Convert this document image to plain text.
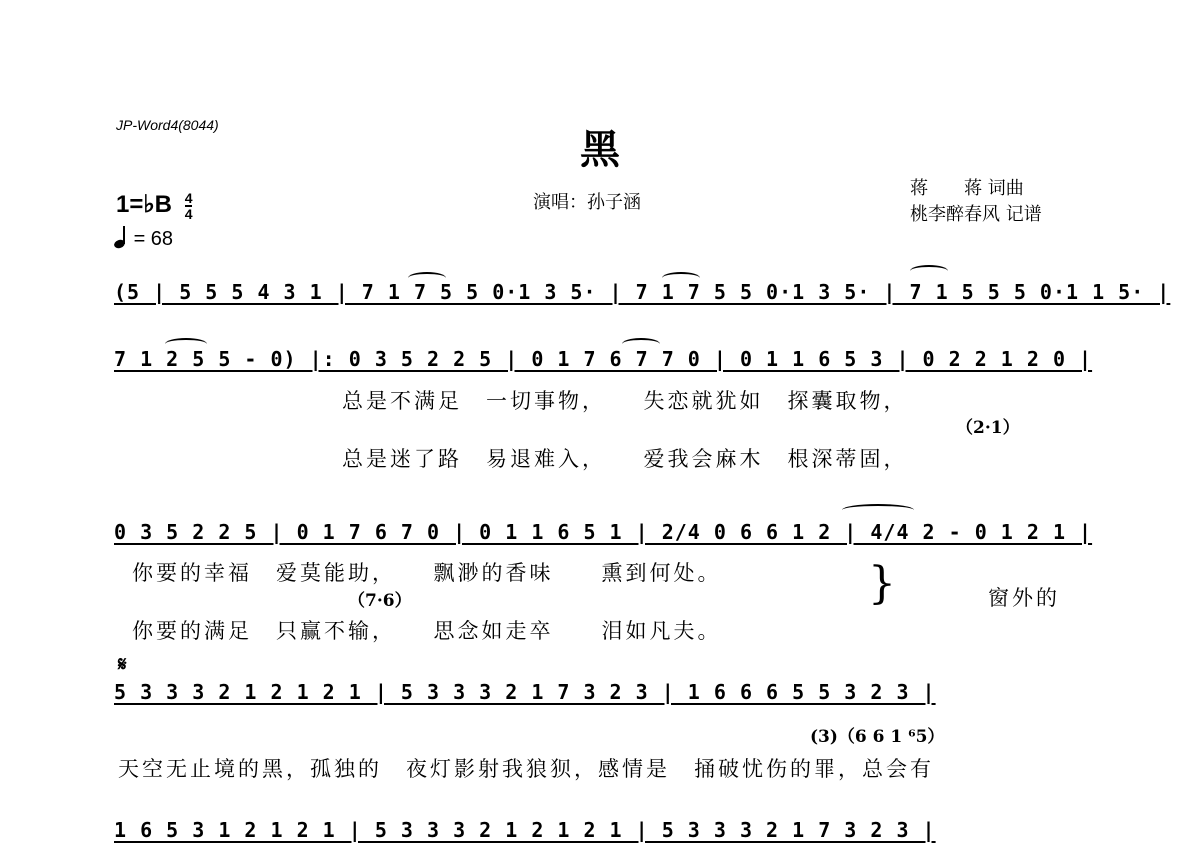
JP-Word4(8044)
黑
1=♭B $\frac{4}{4}$
= 68
演唱：孙子涵
蒋　　蒋 词曲
桃李醉春风 记谱
(5 | 5 5 5 4 3 1 | 7 1 7 5 5 0·1 3 5· | 7 1 7 5 5 0·1 3 5· | 7 1 5 5 5 0·1 1 5· |
7 1 2 5 5 - 0) |: 0 3 5 2 2 5 | 0 1 7 6 7 7 0 | 0 1 1 6 5 3 | 0 2 2 1 2 0 |
总是不满足　一切事物，　　失恋就犹如　探囊取物，
（2·1）
总是迷了路　易退难入，　　爱我会麻木　根深蒂固，
0 3 5 2 2 5 | 0 1 7 6 7 0 | 0 1 1 6 5 1 | 2/4 0 6 6 1 2 | 4/4 2 - 0 1 2 1 |
你要的幸福　爱莫能助，　　飘渺的香味　　熏到何处。
（7·6）
你要的满足　只赢不输，　　思念如走卒　　泪如凡夫。
}	窗外的
𝄋
5 3 3 3 2 1 2 1 2 1 | 5 3 3 3 2 1 7 3 2 3 | 1 6 6 6 5 5 3 2 3 |
(3)（6 6 1 ⁶5）
天空无止境的黑，孤独的　夜灯影射我狼狈，感情是　捅破忧伤的罪，总会有
1 6 5 3 1 2 1 2 1 | 5 3 3 3 2 1 2 1 2 1 | 5 3 3 3 2 1 7 3 2 3 |
